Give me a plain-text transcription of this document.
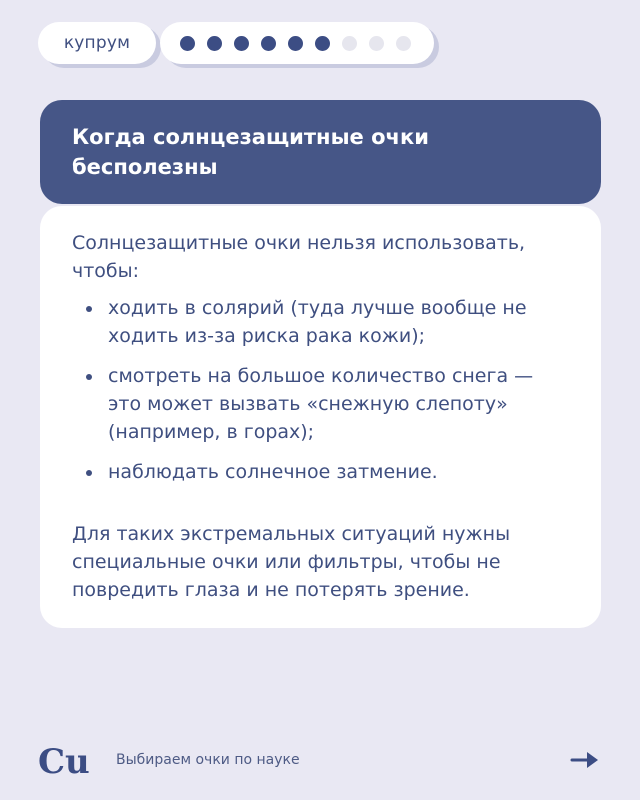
купрум
Когда солнцезащитные очки бесполезны

Солнцезащитные очки нельзя использовать, чтобы:

ходить в солярий (туда лучше вообще не ходить из-за риска рака кожи);
смотреть на большое количество снега — это может вызвать «снежную слепоту» (например, в горах);
наблюдать солнечное затмение.

Для таких экстремальных ситуаций нужны специальные очки или фильтры, чтобы не повредить глаза и не потерять зрение.

Cu Выбираем очки по науке
